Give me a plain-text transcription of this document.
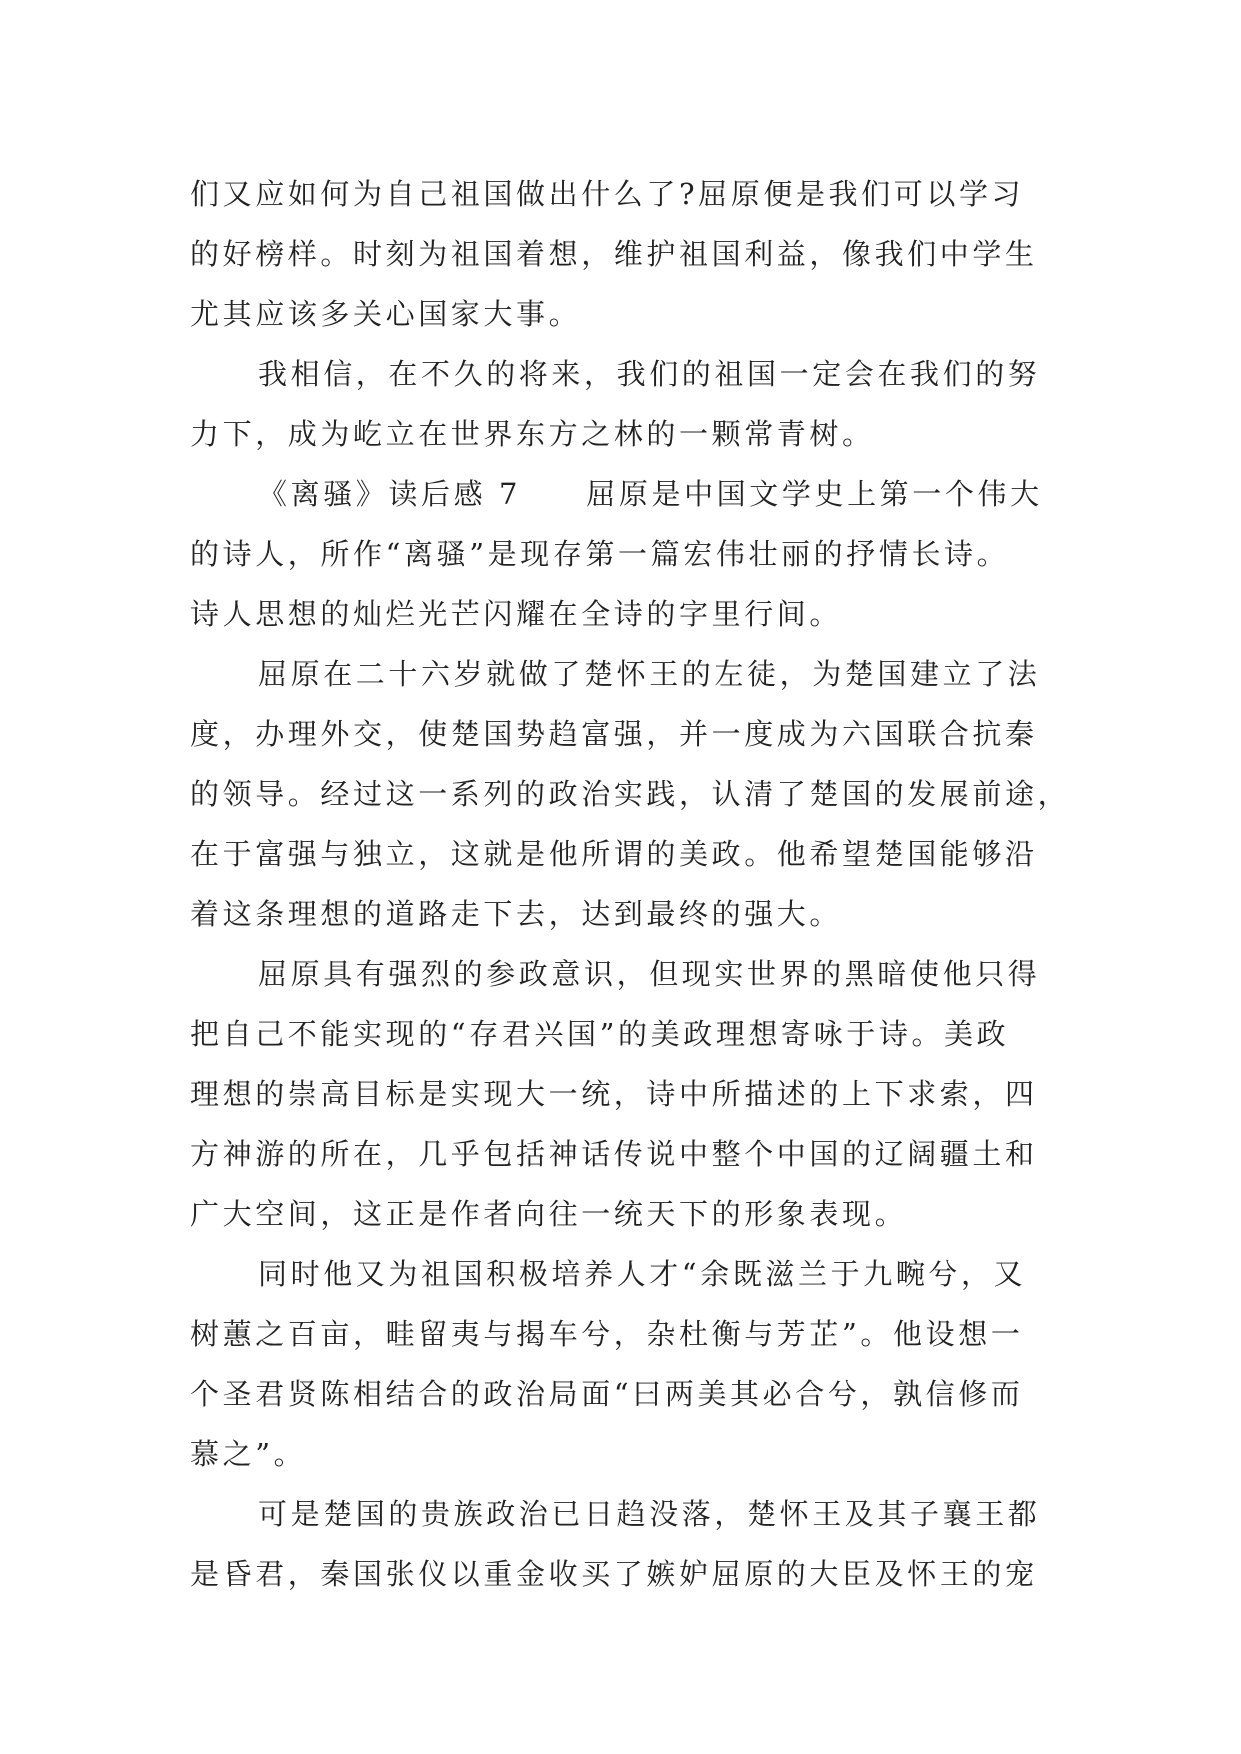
们又应如何为自己祖国做出什么了?屈原便是我们可以学习
的好榜样。时刻为祖国着想，维护祖国利益，像我们中学生
尤其应该多关心国家大事。
我相信，在不久的将来，我们的祖国一定会在我们的努
力下，成为屹立在世界东方之林的一颗常青树。
《离骚》读后感 7　　屈原是中国文学史上第一个伟大
的诗人，所作“离骚”是现存第一篇宏伟壮丽的抒情长诗。
诗人思想的灿烂光芒闪耀在全诗的字里行间。
屈原在二十六岁就做了楚怀王的左徒，为楚国建立了法
度，办理外交，使楚国势趋富强，并一度成为六国联合抗秦
的领导。经过这一系列的政治实践，认清了楚国的发展前途，
在于富强与独立，这就是他所谓的美政。他希望楚国能够沿
着这条理想的道路走下去，达到最终的强大。
屈原具有强烈的参政意识，但现实世界的黑暗使他只得
把自己不能实现的“存君兴国”的美政理想寄咏于诗。美政
理想的崇高目标是实现大一统，诗中所描述的上下求索，四
方神游的所在，几乎包括神话传说中整个中国的辽阔疆土和
广大空间，这正是作者向往一统天下的形象表现。
同时他又为祖国积极培养人才“余既滋兰于九畹兮，又
树蕙之百亩，畦留夷与揭车兮，杂杜衡与芳芷”。他设想一
个圣君贤陈相结合的政治局面“曰两美其必合兮，孰信修而
慕之”。
可是楚国的贵族政治已日趋没落，楚怀王及其子襄王都
是昏君，秦国张仪以重金收买了嫉妒屈原的大臣及怀王的宠
